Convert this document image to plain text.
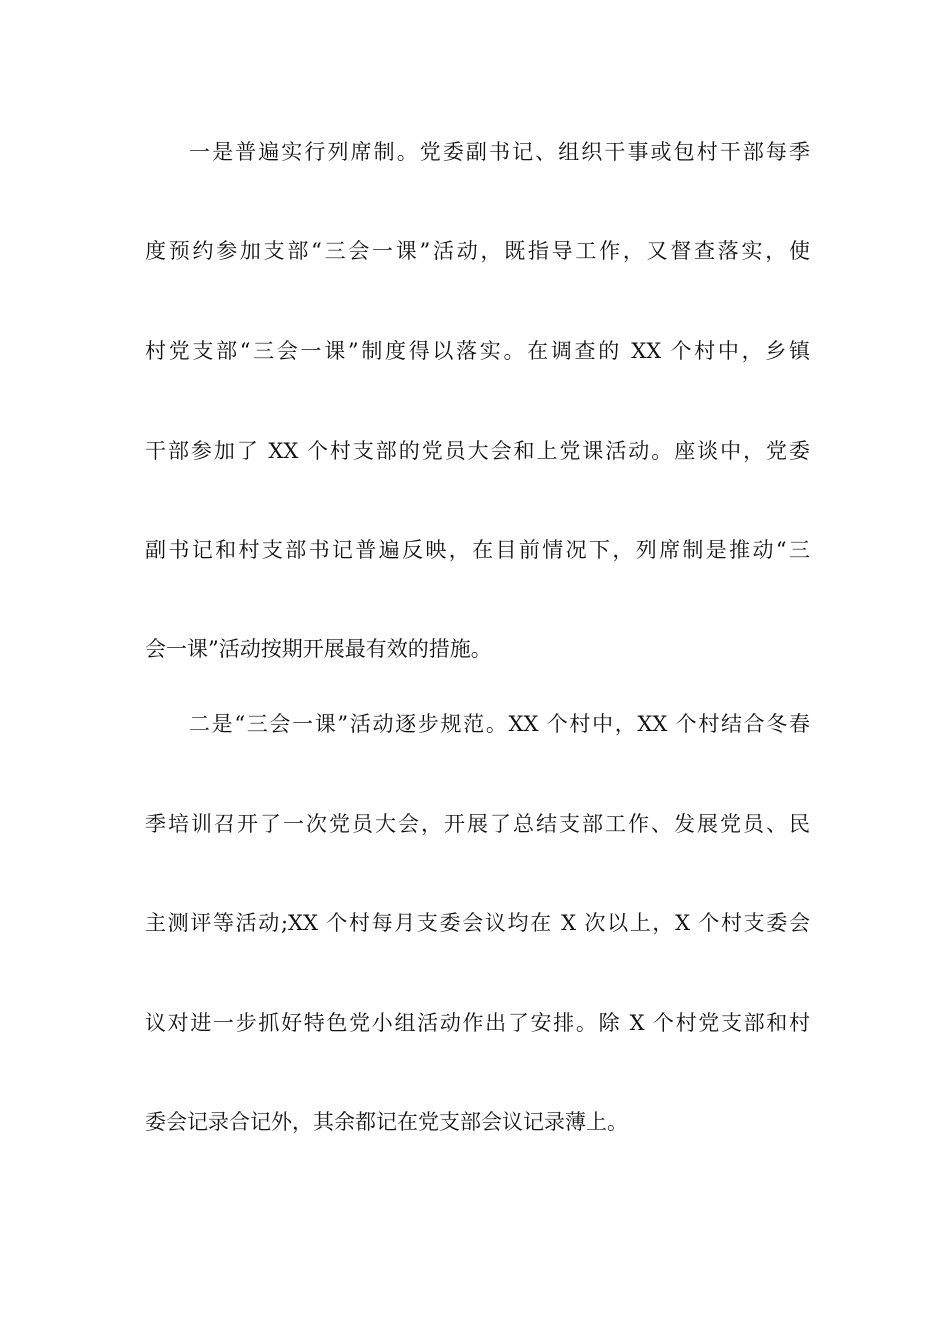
一是普遍实行列席制。党委副书记、组织干事或包村干部每季
度预约参加支部“三会一课”活动，既指导工作，又督查落实，使
村党支部“三会一课”制度得以落实。在调查的 XX 个村中，乡镇
干部参加了 XX 个村支部的党员大会和上党课活动。座谈中，党委
副书记和村支部书记普遍反映，在目前情况下，列席制是推动“三
会一课”活动按期开展最有效的措施。
二是“三会一课”活动逐步规范。XX 个村中，XX 个村结合冬春
季培训召开了一次党员大会，开展了总结支部工作、发展党员、民
主测评等活动;XX 个村每月支委会议均在 X 次以上，X 个村支委会
议对进一步抓好特色党小组活动作出了安排。除 X 个村党支部和村
委会记录合记外，其余都记在党支部会议记录薄上。
